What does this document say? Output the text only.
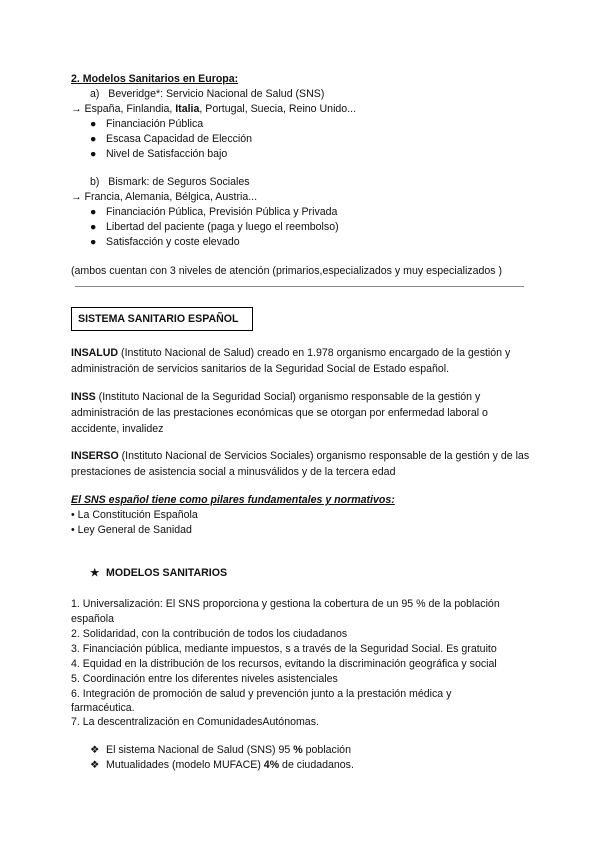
2. Modelos Sanitarios en Europa:
a) Beveridge*: Servicio Nacional de Salud (SNS)
→ España, Finlandia, Italia, Portugal, Suecia, Reino Unido...
● Financiación Pública
● Escasa Capacidad de Elección
● Nivel de Satisfacción bajo
b) Bismark: de Seguros Sociales
→ Francia, Alemania, Bélgica, Austria...
● Financiación Pública, Previsión Pública y Privada
● Libertad del paciente (paga y luego el reembolso)
● Satisfacción y coste elevado
(ambos cuentan con 3 niveles de atención (primarios,especializados y muy especializados )
SISTEMA SANITARIO ESPAÑOL
INSALUD (Instituto Nacional de Salud) creado en 1.978 organismo encargado de la gestión y administración de servicios sanitarios de la Seguridad Social de Estado español.
INSS (Instituto Nacional de la Seguridad Social) organismo responsable de la gestión y administración de las prestaciones económicas que se otorgan por enfermedad laboral o accidente, invalidez
INSERSO (Instituto Nacional de Servicios Sociales) organismo responsable de la gestión y de las prestaciones de asistencia social a minusválidos y de la tercera edad
El SNS español tiene como pilares fundamentales y normativos:
• La Constitución Española
• Ley General de Sanidad
★ MODELOS SANITARIOS
1. Universalización: El SNS proporciona y gestiona la cobertura de un 95 % de la población
española
2. Solidaridad, con la contribución de todos los ciudadanos
3. Financiación pública, mediante impuestos, s a través de la Seguridad Social. Es gratuito
4. Equidad en la distribución de los recursos, evitando la discriminación geográfica y social
5. Coordinación entre los diferentes niveles asistenciales
6. Integración de promoción de salud y prevención junto a la prestación médica y
farmacéutica.
7. La descentralización en ComunidadesAutónomas.
❖ El sistema Nacional de Salud (SNS) 95 % población
❖ Mutualidades (modelo MUFACE) 4% de ciudadanos.
